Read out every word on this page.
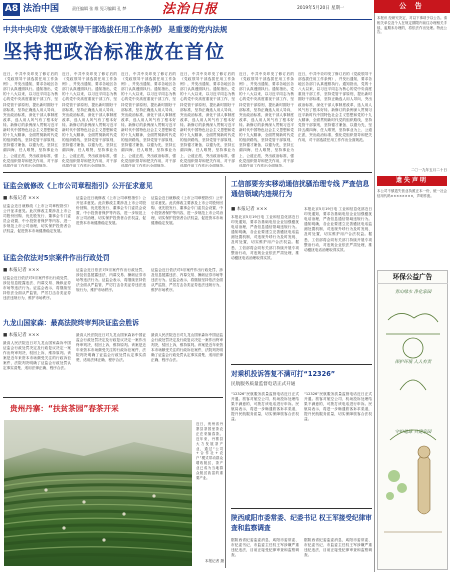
A8 法治中国	责任编辑 张 维 见习编辑 孔 梦	法治日报	2019年5月20日 星期一	公 告
中共中央印发《党政领导干部选拔任用工作条例》 是重要的党内法规
坚持把政治标准放在首位
近日，中共中央印发了修订后的《党政领导干部选拔任用工作条例》，并发出通知，要求各地区各部门认真遵照执行。通知指出，党的十八大以来，以习近平同志为核心的党中央高度重视干部工作，坚持党管干部原则，提出新时期好干部标准，坚持正确选人用人导向，突出政治标准，深化干部人事制度改革，选人用人风气有了根本好转。新修订的条例深入贯彻习近平新时代中国特色社会主义思想和党的十九大精神，全面贯彻新时代党的组织路线，坚持党管干部原则，坚持德才兼备、以德为先，坚持五湖四海、任人唯贤，坚持事业为上、公道正派，突出政治标准，强化党组织领导和把关作用，对干部选拔任用工作作出全面规范。
近日，中共中央印发了修订后的《党政领导干部选拔任用工作条例》，并发出通知，要求各地区各部门认真遵照执行。通知指出，党的十八大以来，以习近平同志为核心的党中央高度重视干部工作，坚持党管干部原则，提出新时期好干部标准，坚持正确选人用人导向，突出政治标准，深化干部人事制度改革，选人用人风气有了根本好转。新修订的条例深入贯彻习近平新时代中国特色社会主义思想和党的十九大精神，全面贯彻新时代党的组织路线，坚持党管干部原则，坚持德才兼备、以德为先，坚持五湖四海、任人唯贤，坚持事业为上、公道正派，突出政治标准，强化党组织领导和把关作用，对干部选拔任用工作作出全面规范。
近日，中共中央印发了修订后的《党政领导干部选拔任用工作条例》，并发出通知，要求各地区各部门认真遵照执行。通知指出，党的十八大以来，以习近平同志为核心的党中央高度重视干部工作，坚持党管干部原则，提出新时期好干部标准，坚持正确选人用人导向，突出政治标准，深化干部人事制度改革，选人用人风气有了根本好转。新修订的条例深入贯彻习近平新时代中国特色社会主义思想和党的十九大精神，全面贯彻新时代党的组织路线，坚持党管干部原则，坚持德才兼备、以德为先，坚持五湖四海、任人唯贤，坚持事业为上、公道正派，突出政治标准，强化党组织领导和把关作用，对干部选拔任用工作作出全面规范。
近日，中共中央印发了修订后的《党政领导干部选拔任用工作条例》，并发出通知，要求各地区各部门认真遵照执行。通知指出，党的十八大以来，以习近平同志为核心的党中央高度重视干部工作，坚持党管干部原则，提出新时期好干部标准，坚持正确选人用人导向，突出政治标准，深化干部人事制度改革，选人用人风气有了根本好转。新修订的条例深入贯彻习近平新时代中国特色社会主义思想和党的十九大精神，全面贯彻新时代党的组织路线，坚持党管干部原则，坚持德才兼备、以德为先，坚持五湖四海、任人唯贤，坚持事业为上、公道正派，突出政治标准，强化党组织领导和把关作用，对干部选拔任用工作作出全面规范。
近日，中共中央印发了修订后的《党政领导干部选拔任用工作条例》，并发出通知，要求各地区各部门认真遵照执行。通知指出，党的十八大以来，以习近平同志为核心的党中央高度重视干部工作，坚持党管干部原则，提出新时期好干部标准，坚持正确选人用人导向，突出政治标准，深化干部人事制度改革，选人用人风气有了根本好转。新修订的条例深入贯彻习近平新时代中国特色社会主义思想和党的十九大精神，全面贯彻新时代党的组织路线，坚持党管干部原则，坚持德才兼备、以德为先，坚持五湖四海、任人唯贤，坚持事业为上、公道正派，突出政治标准，强化党组织领导和把关作用，对干部选拔任用工作作出全面规范。
近日，中共中央印发了修订后的《党政领导干部选拔任用工作条例》，并发出通知，要求各地区各部门认真遵照执行。通知指出，党的十八大以来，以习近平同志为核心的党中央高度重视干部工作，坚持党管干部原则，提出新时期好干部标准，坚持正确选人用人导向，突出政治标准，深化干部人事制度改革，选人用人风气有了根本好转。新修订的条例深入贯彻习近平新时代中国特色社会主义思想和党的十九大精神，全面贯彻新时代党的组织路线，坚持党管干部原则，坚持德才兼备、以德为先，坚持五湖四海、任人唯贤，坚持事业为上、公道正派，突出政治标准，强化党组织领导和把关作用，对干部选拔任用工作作出全面规范。
证监会就修改《上市公司章程指引》公开征求意见
■ 本报记者 ×××
证监会近日就修改《上市公司章程指引》公开征求意见。此次修改主要涉及上市公司股份回购、优先股发行、董事会专门委员会设置、中小投资者保护等内容，进一步规范上市公司治理，切实保护投资者合法权益，促进资本市场健康稳定发展。
证监会近日就修改《上市公司章程指引》公开征求意见。此次修改主要涉及上市公司股份回购、优先股发行、董事会专门委员会设置、中小投资者保护等内容，进一步规范上市公司治理，切实保护投资者合法权益，促进资本市场健康稳定发展。
证监会近日就修改《上市公司章程指引》公开征求意见。此次修改主要涉及上市公司股份回购、优先股发行、董事会专门委员会设置、中小投资者保护等内容，进一步规范上市公司治理，切实保护投资者合法权益，促进资本市场健康稳定发展。
证监会依法对5宗案件作出行政处罚
■ 本报记者 ×××
证监会近日依法对5宗案件作出行政处罚，涉及信息披露违法、内幕交易、操纵证券市场等违法行为。证监会表示，将继续坚持依法全面从严监管，严厉打击各类证券违法违规行为，维护市场秩序。
证监会近日依法对5宗案件作出行政处罚，涉及信息披露违法、内幕交易、操纵证券市场等违法行为。证监会表示，将继续坚持依法全面从严监管，严厉打击各类证券违法违规行为，维护市场秩序。
证监会近日依法对5宗案件作出行政处罚，涉及信息披露违法、内幕交易、操纵证券市场等违法行为。证监会表示，将继续坚持依法全面从严监管，严厉打击各类证券违法违规行为，维护市场秩序。
九龙山国家森：最高法院终审判决证监会胜诉
■ 本报记者 ×××
最高人民法院近日对九龙山国家森诉中国证监会行政处罚决定及行政复议决定一案作出终审判决，驳回上诉，维持原判。该案是近年来资本市场颇受关注的行政诉讼案件，法院判决明确了证监会行政处罚认定事实清楚、适用法律正确、程序合法。
最高人民法院近日对九龙山国家森诉中国证监会行政处罚决定及行政复议决定一案作出终审判决，驳回上诉，维持原判。该案是近年来资本市场颇受关注的行政诉讼案件，法院判决明确了证监会行政处罚认定事实清楚、适用法律正确、程序合法。
最高人民法院近日对九龙山国家森诉中国证监会行政处罚决定及行政复议决定一案作出终审判决，驳回上诉，维持原判。该案是近年来资本市场颇受关注的行政诉讼案件，法院判决明确了证监会行政处罚认定事实清楚、适用法律正确、程序合法。
贵州丹寨：“扶贫茶园”春茶开采
近日，贵州省丹寨县茶园里茶农正在采摘春茶。近年来，丹寨县大力发展茶产业，通过“公司+合作社+农户”模式带动群众增收脱贫，茶产业已成为当地群众脱贫致富的重要产业。
本报记者 摄
工信部要夯实移动通信扰骚治理专线 严查信息通信领域内违规行为
■ 本报记者 ×××
本报北京5月19日电 工业和信息化部近日印发通知，要求各基础电信企业加强骚扰电话治理，严查信息通信领域违规行为。通知明确，各企业要建立完善骚扰电话监测处置机制，对违规外呼行为及时发现、及时处置，切实维护用户合法权益。据悉，工信部将会同有关部门持续开展专项整治行动，对违规企业依法严肃处理，推动骚扰电话治理取得实效。
本报北京5月19日电 工业和信息化部近日印发通知，要求各基础电信企业加强骚扰电话治理，严查信息通信领域违规行为。通知明确，各企业要建立完善骚扰电话监测处置机制，对违规外呼行为及时发现、及时处置，切实维护用户合法权益。据悉，工信部将会同有关部门持续开展专项整治行动，对违规企业依法严肃处理，推动骚扰电话治理取得实效。
对乘机投诉答复不满可打“12326”
民航服务质量监督电话正式开通
“12326”民航服务质量监督电话近日正式开通。旅客对航空公司、机场投诉处理结果不满意的，可拨打该电话进行申诉。民航局表示，将进一步畅通旅客诉求渠道，提升民航服务质量，切实保障旅客合法权益。
“12326”民航服务质量监督电话近日正式开通。旅客对航空公司、机场投诉处理结果不满意的，可拨打该电话进行申诉。民航局表示，将进一步畅通旅客诉求渠道，提升民航服务质量，切实保障旅客合法权益。
陕西咸阳市委常委、纪委书记 权王军接受纪律审查和监察调查
据陕西省纪委监委消息，咸阳市委常委、市纪委书记、市监委主任权王军涉嫌严重违纪违法，目前正接受纪律审查和监察调查。
据陕西省纪委监委消息，咸阳市委常委、市纪委书记、市监委主任权王军涉嫌严重违纪违法，目前正接受纪律审查和监察调查。
本报讯 经研究决定，对以下事项予以公告。请相关单位及个人在规定期限内前往办理相关手续，逾期未办理的，将依法作出处理。特此公告。
二〇一九年五月二十日
遗失声明
本公司不慎遗失营业执照正本一份，统一社会信用代码××××××××，声明作废。
环保公益广告
青山绿水 净化家园
保护环境 人人有责
守护地球 共建家园
